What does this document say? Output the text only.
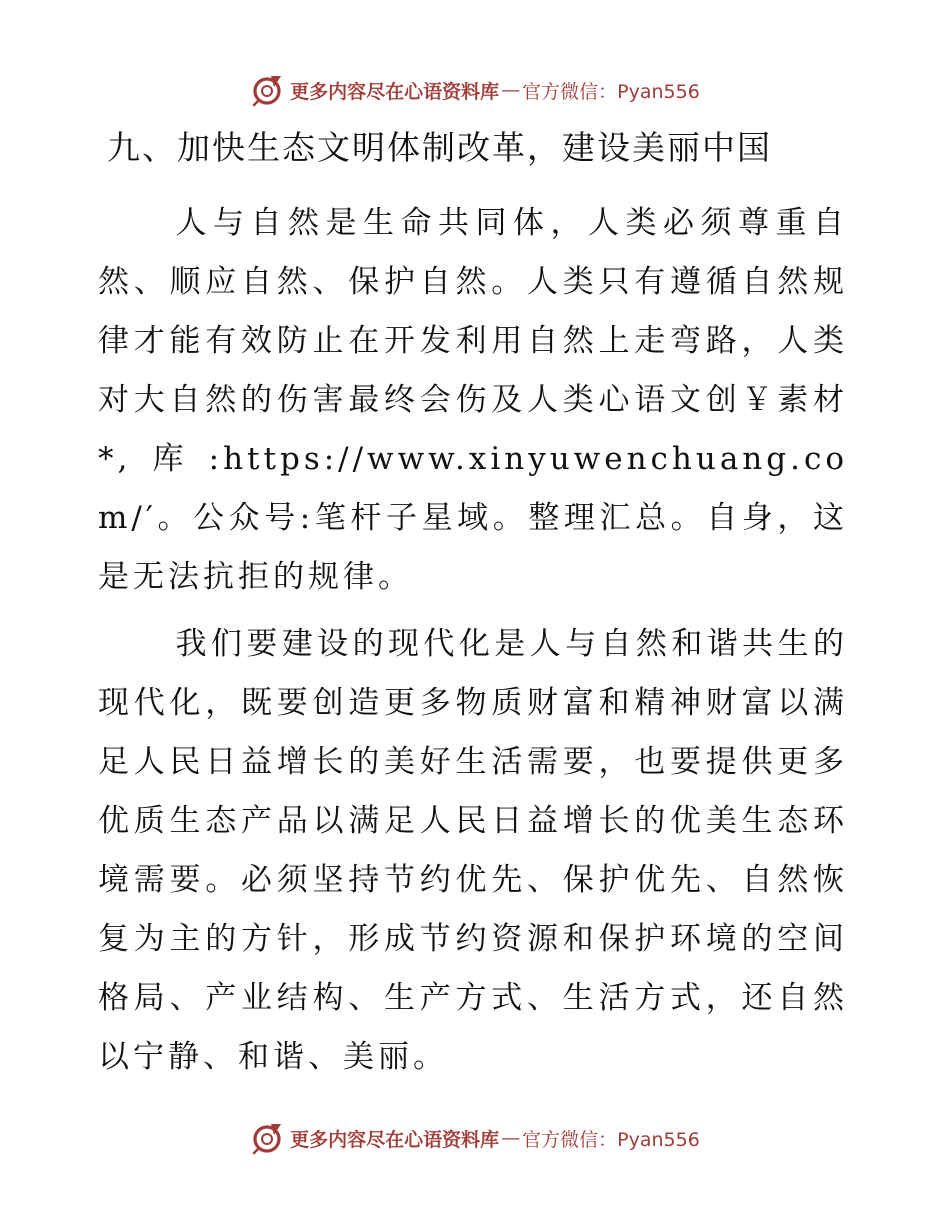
更多内容尽在心语资料库 — 官方微信：Pyan556
九、加快生态文明体制改革，建设美丽中国

人与自然是生命共同体，人类必须尊重自然、顺应自然、保护自然。人类只有遵循自然规律才能有效防止在开发利用自然上走弯路，人类对大自然的伤害最终会伤及人类心语文创￥素材*,库:https://www.xinyuwenchuang.com/′。公众号:笔杆子星域。整理汇总。自身，这是无法抗拒的规律。

我们要建设的现代化是人与自然和谐共生的现代化，既要创造更多物质财富和精神财富以满足人民日益增长的美好生活需要，也要提供更多优质生态产品以满足人民日益增长的优美生态环境需要。必须坚持节约优先、保护优先、自然恢复为主的方针，形成节约资源和保护环境的空间格局、产业结构、生产方式、生活方式，还自然以宁静、和谐、美丽。

更多内容尽在心语资料库 — 官方微信：Pyan556
